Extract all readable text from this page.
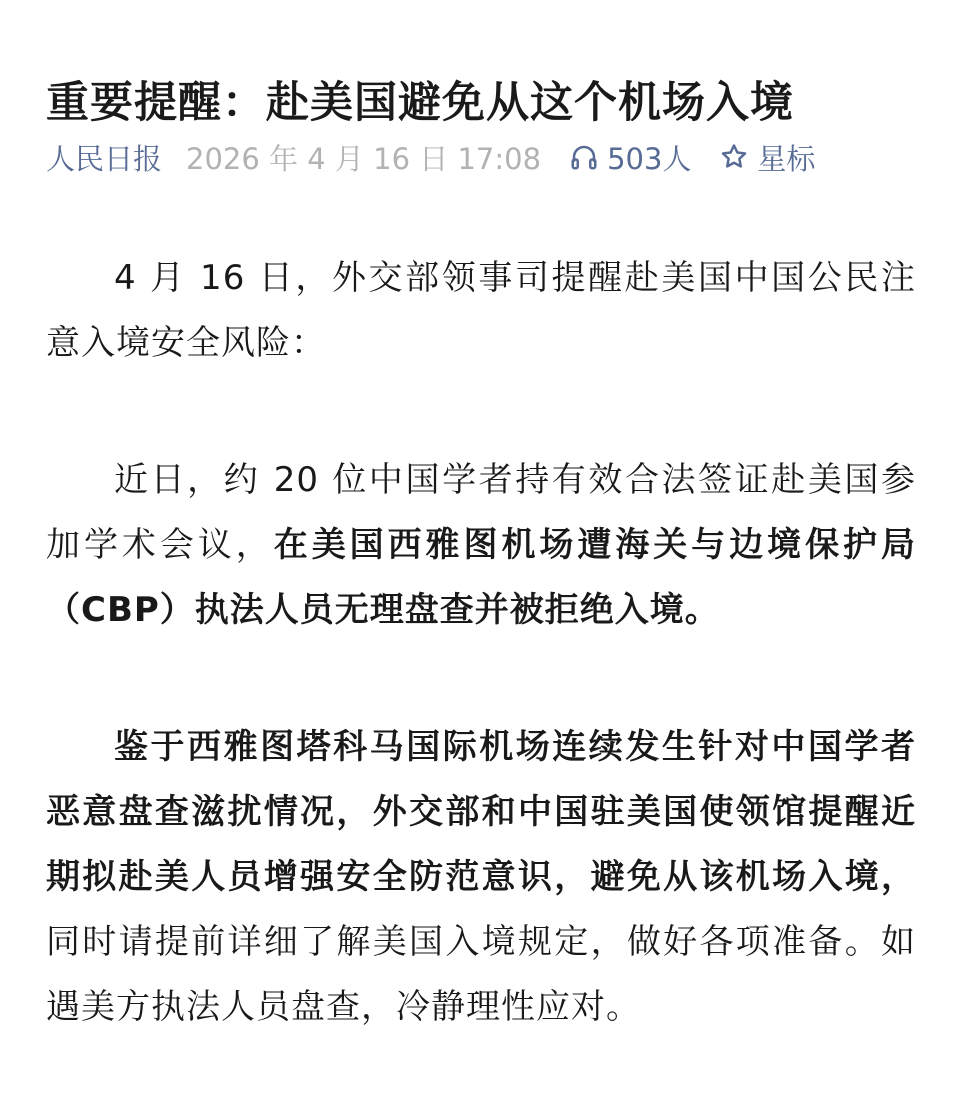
重要提醒：赴美国避免从这个机场入境
人民日报 2026 年 4 月 16 日 17:08 503人 星标

4 月 16 日，外交部领事司提醒赴美国中国公民注意入境安全风险：

近日，约 20 位中国学者持有效合法签证赴美国参加学术会议，在美国西雅图机场遭海关与边境保护局（CBP）执法人员无理盘查并被拒绝入境。

鉴于西雅图塔科马国际机场连续发生针对中国学者恶意盘查滋扰情况，外交部和中国驻美国使领馆提醒近期拟赴美人员增强安全防范意识，避免从该机场入境，同时请提前详细了解美国入境规定，做好各项准备。如遇美方执法人员盘查，冷静理性应对。
